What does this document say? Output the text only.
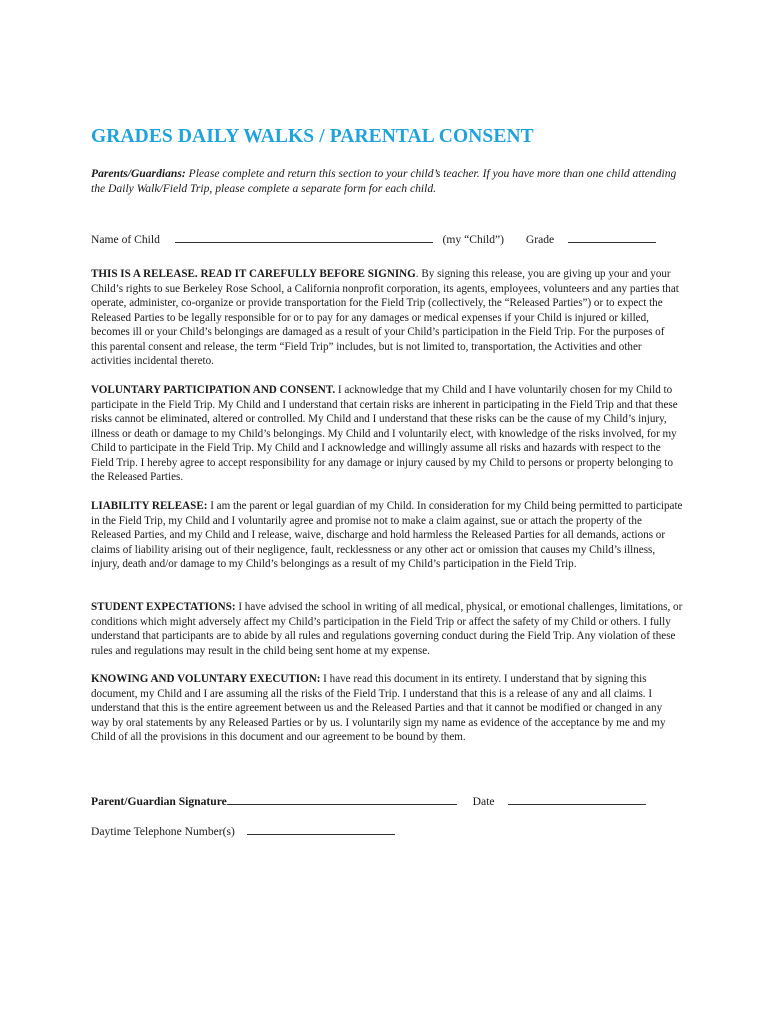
GRADES DAILY WALKS / PARENTAL CONSENT

Parents/Guardians: Please complete and return this section to your child’s teacher. If you have more than one child attending the Daily Walk/Field Trip, please complete a separate form for each child.

Name of Child	(my “Child”) Grade

THIS IS A RELEASE. READ IT CAREFULLY BEFORE SIGNING. By signing this release, you are giving up your and your Child’s rights to sue Berkeley Rose School, a California nonprofit corporation, its agents, employees, volunteers and any parties that operate, administer, co-organize or provide transportation for the Field Trip (collectively, the “Released Parties”) or to expect the Released Parties to be legally responsible for or to pay for any damages or medical expenses if your Child is injured or killed, becomes ill or your Child’s belongings are damaged as a result of your Child’s participation in the Field Trip. For the purposes of this parental consent and release, the term “Field Trip” includes, but is not limited to, transportation, the Activities and other activities incidental thereto.

VOLUNTARY PARTICIPATION AND CONSENT. I acknowledge that my Child and I have voluntarily chosen for my Child to participate in the Field Trip. My Child and I understand that certain risks are inherent in participating in the Field Trip and that these risks cannot be eliminated, altered or controlled. My Child and I understand that these risks can be the cause of my Child’s injury, illness or death or damage to my Child’s belongings. My Child and I voluntarily elect, with knowledge of the risks involved, for my Child to participate in the Field Trip. My Child and I acknowledge and willingly assume all risks and hazards with respect to the Field Trip. I hereby agree to accept responsibility for any damage or injury caused by my Child to persons or property belonging to the Released Parties.

LIABILITY RELEASE: I am the parent or legal guardian of my Child. In consideration for my Child being permitted to participate in the Field Trip, my Child and I voluntarily agree and promise not to make a claim against, sue or attach the property of the Released Parties, and my Child and I release, waive, discharge and hold harmless the Released Parties for all demands, actions or claims of liability arising out of their negligence, fault, recklessness or any other act or omission that causes my Child’s illness, injury, death and/or damage to my Child’s belongings as a result of my Child’s participation in the Field Trip.

STUDENT EXPECTATIONS: I have advised the school in writing of all medical, physical, or emotional challenges, limitations, or conditions which might adversely affect my Child’s participation in the Field Trip or affect the safety of my Child or others. I fully understand that participants are to abide by all rules and regulations governing conduct during the Field Trip. Any violation of these rules and regulations may result in the child being sent home at my expense.

KNOWING AND VOLUNTARY EXECUTION: I have read this document in its entirety. I understand that by signing this document, my Child and I are assuming all the risks of the Field Trip. I understand that this is a release of any and all claims. I understand that this is the entire agreement between us and the Released Parties and that it cannot be modified or changed in any way by oral statements by any Released Parties or by us. I voluntarily sign my name as evidence of the acceptance by me and my Child of all the provisions in this document and our agreement to be bound by them.

Parent/Guardian Signature	Date

Daytime Telephone Number(s)
